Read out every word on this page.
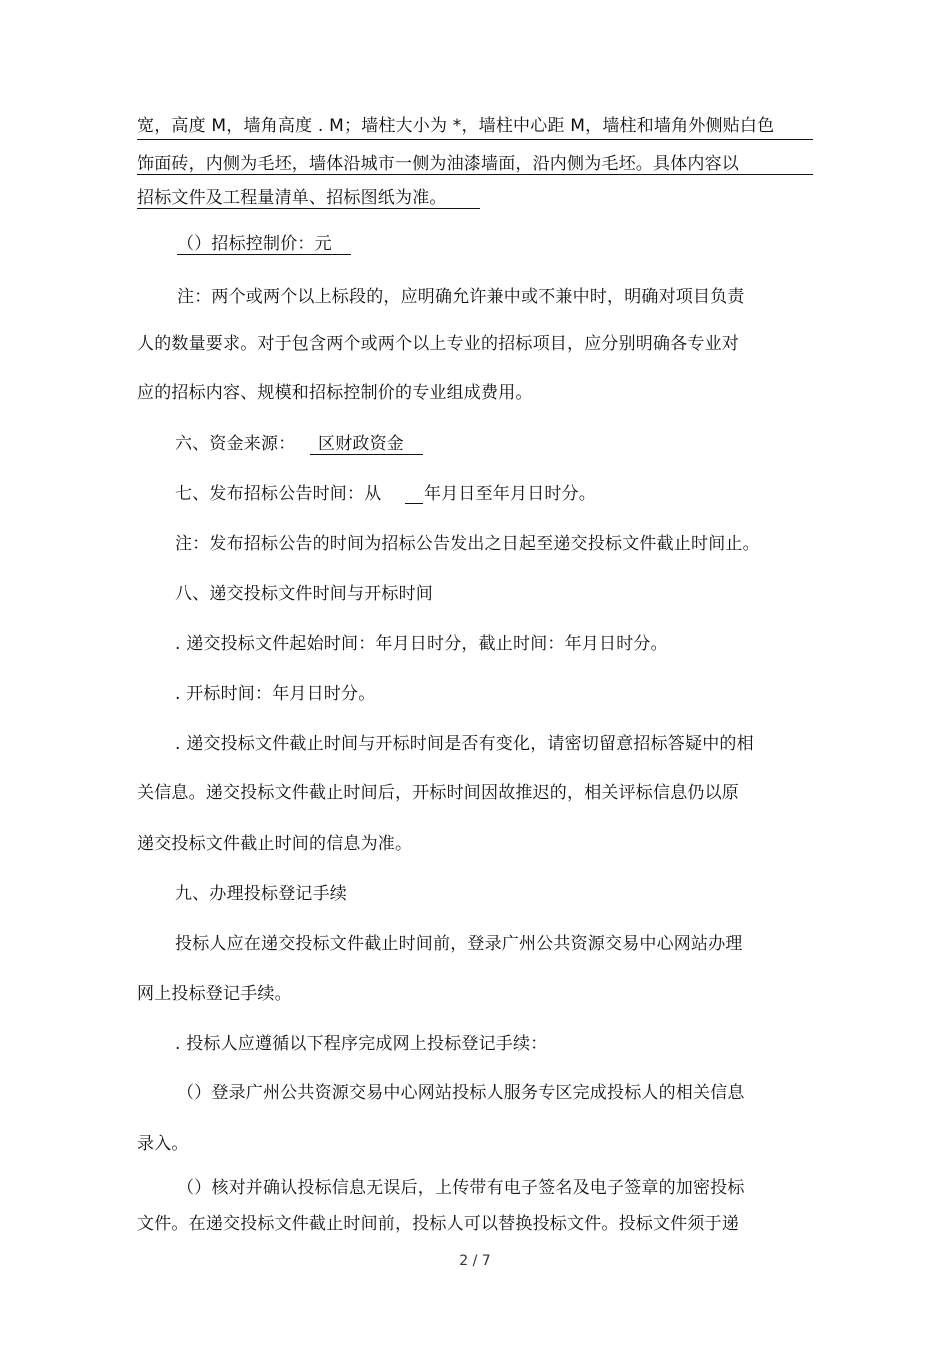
宽，高度 M，墙角高度 . M；墙柱大小为 *，墙柱中心距 M，墙柱和墙角外侧贴白色
饰面砖，内侧为毛坯，墙体沿城市一侧为油漆墙面，沿内侧为毛坯。具体内容以
招标文件及工程量清单、招标图纸为准。
（）招标控制价：元
注：两个或两个以上标段的，应明确允许兼中或不兼中时，明确对项目负责
人的数量要求。对于包含两个或两个以上专业的招标项目，应分别明确各专业对
应的招标内容、规模和招标控制价的专业组成费用。
六、资金来源： 区财政资金
七、发布招标公告时间：从	年月日至年月日时分。
注：发布招标公告的时间为招标公告发出之日起至递交投标文件截止时间止。
八、递交投标文件时间与开标时间
. 递交投标文件起始时间：年月日时分，截止时间：年月日时分。
. 开标时间：年月日时分。
. 递交投标文件截止时间与开标时间是否有变化，请密切留意招标答疑中的相
关信息。递交投标文件截止时间后，开标时间因故推迟的，相关评标信息仍以原
递交投标文件截止时间的信息为准。
九、办理投标登记手续
投标人应在递交投标文件截止时间前，登录广州公共资源交易中心网站办理
网上投标登记手续。
. 投标人应遵循以下程序完成网上投标登记手续：
（）登录广州公共资源交易中心网站投标人服务专区完成投标人的相关信息
录入。
（）核对并确认投标信息无误后，上传带有电子签名及电子签章的加密投标
文件。在递交投标文件截止时间前，投标人可以替换投标文件。投标文件须于递
2 / 7
